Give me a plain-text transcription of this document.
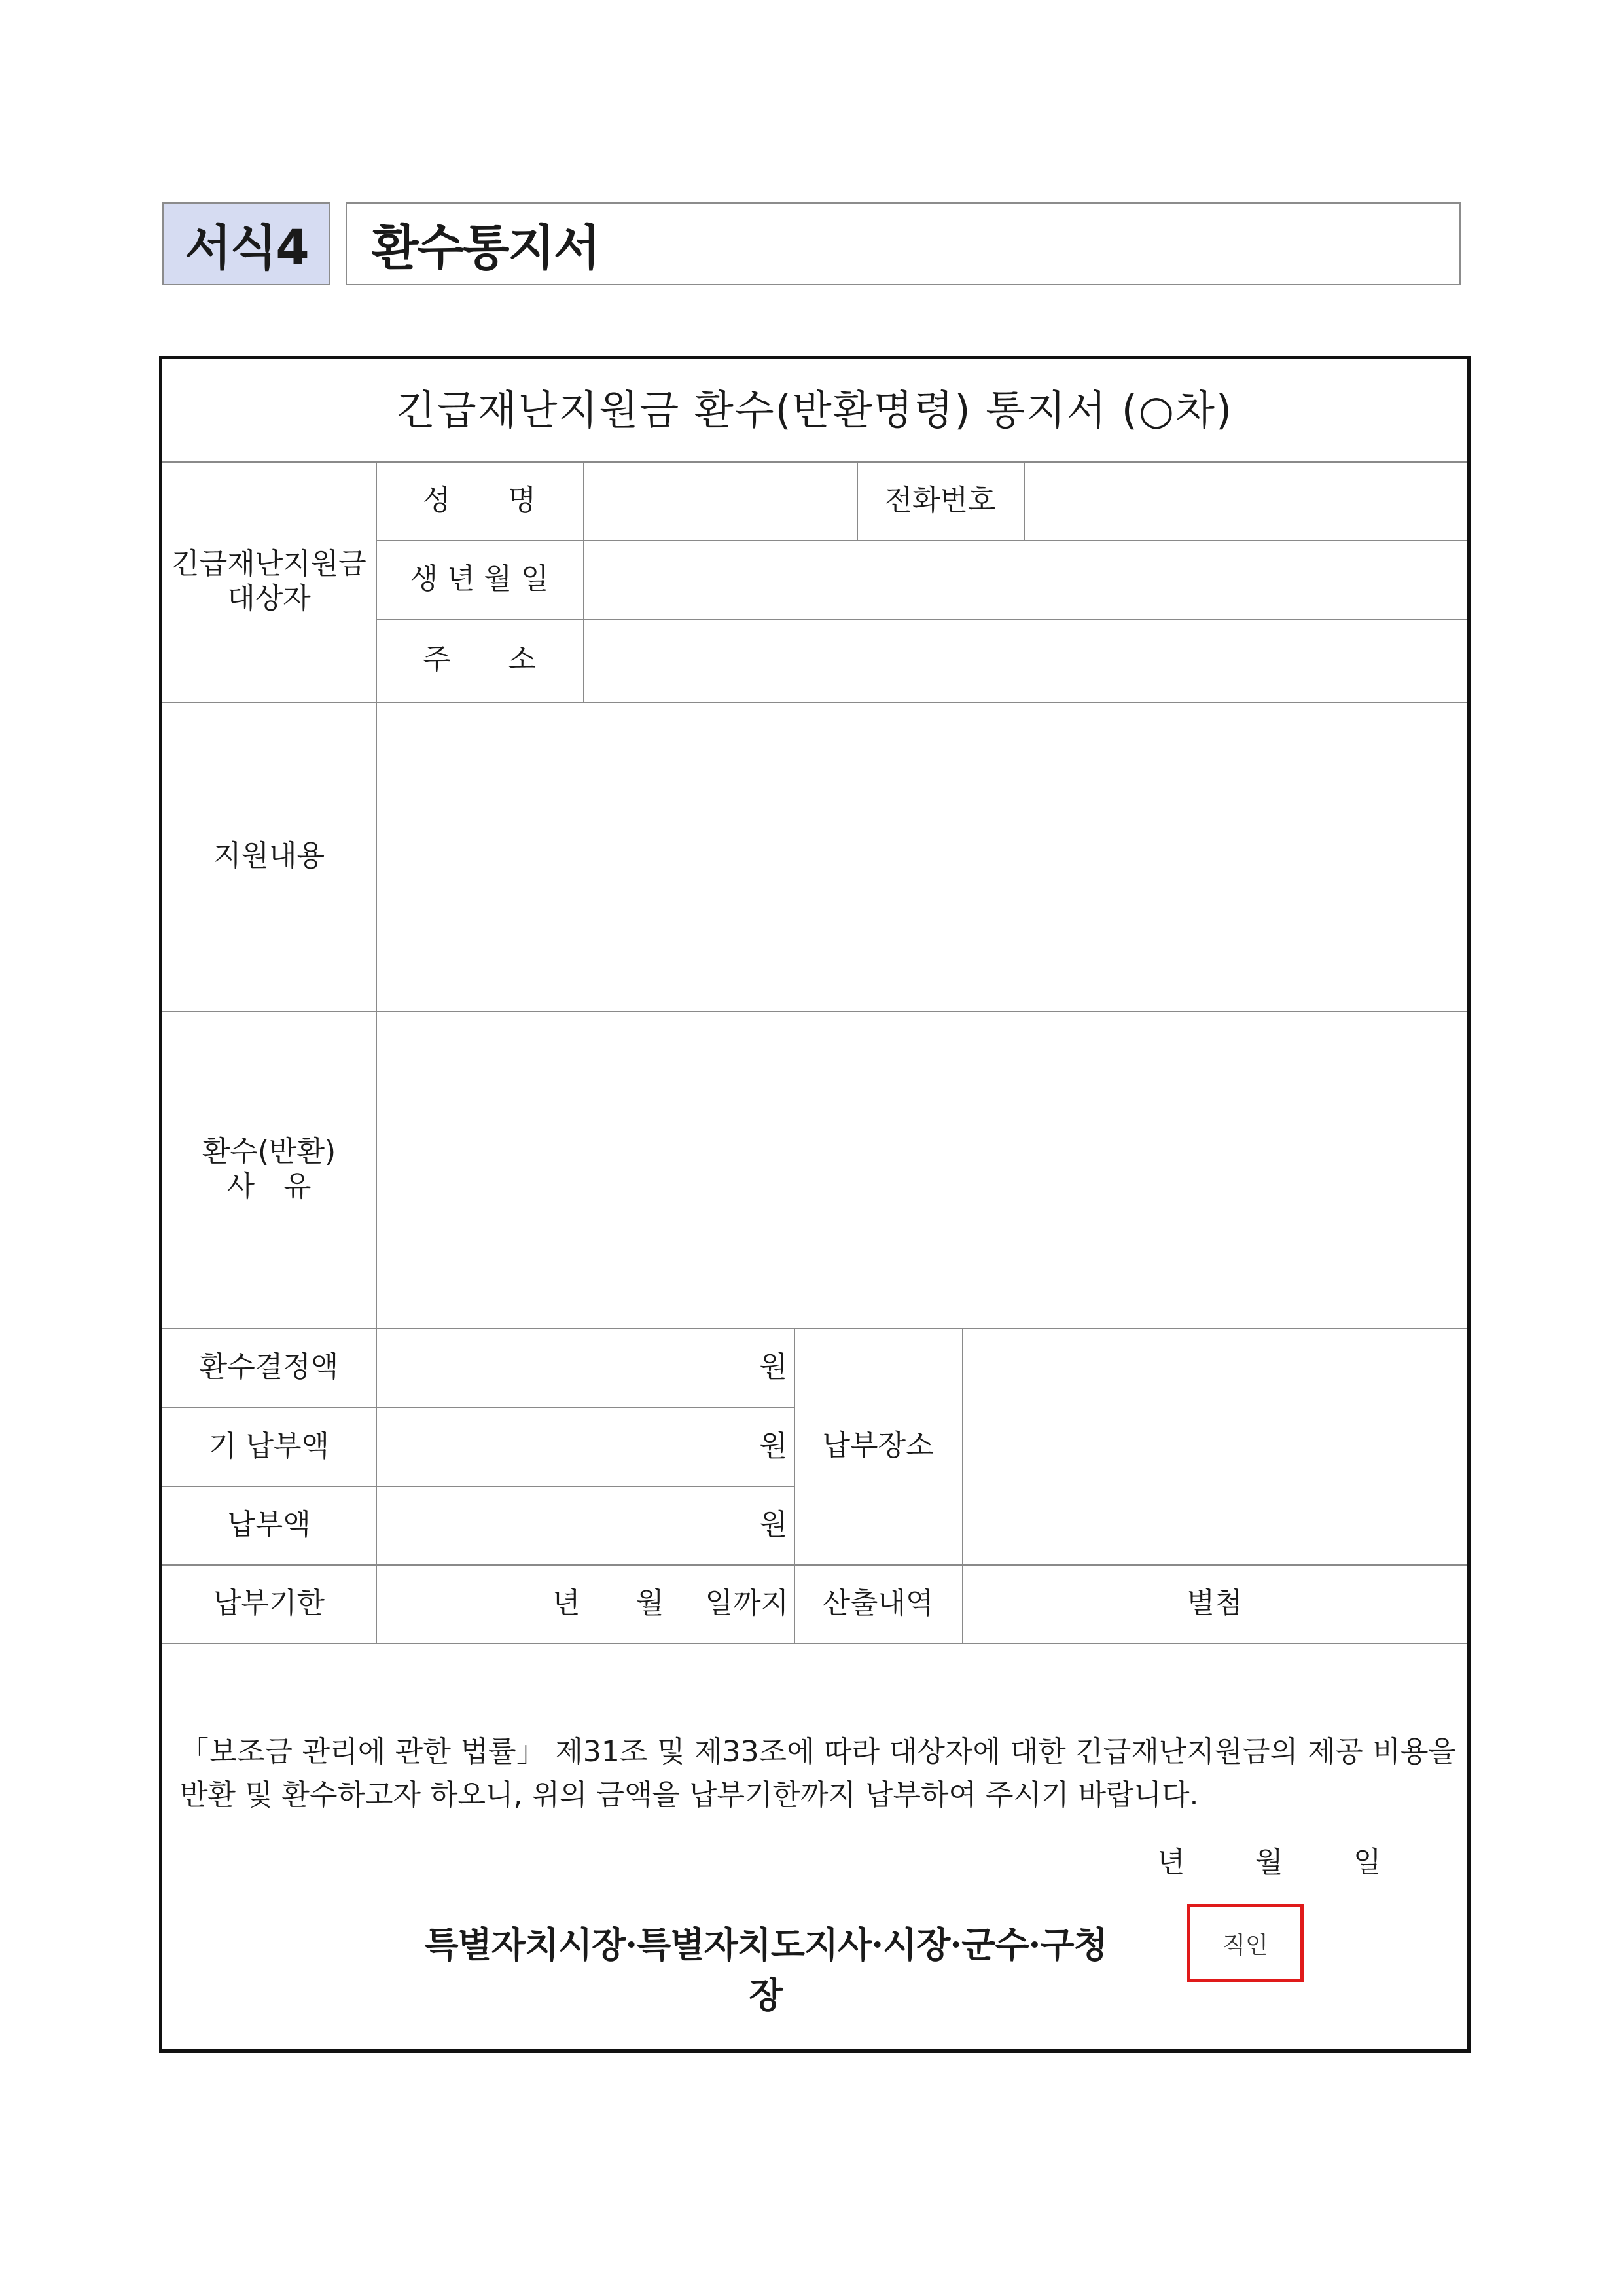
서식4	환수통지서
긴급재난지원금 환수(반환명령) 통지서 (○차)
긴급재난지원금
대상자
성　　명	전화번호
생 년 월 일
주　　소
지원내용
환수(반환)
사　유
환수결정액	원
기 납부액	원
납부액	원
납부장소
납부기한	년 월 일까지	산출내역	별첨
「보조금 관리에 관한 법률」 제31조 및 제33조에 따라 대상자에 대한 긴급재난지원금의 제공 비용을 반환 및 환수하고자 하오니, 위의 금액을 납부기한까지 납부하여 주시기 바랍니다.
년 월 일
특별자치시장·특별자치도지사·시장·군수·구청장
직인
